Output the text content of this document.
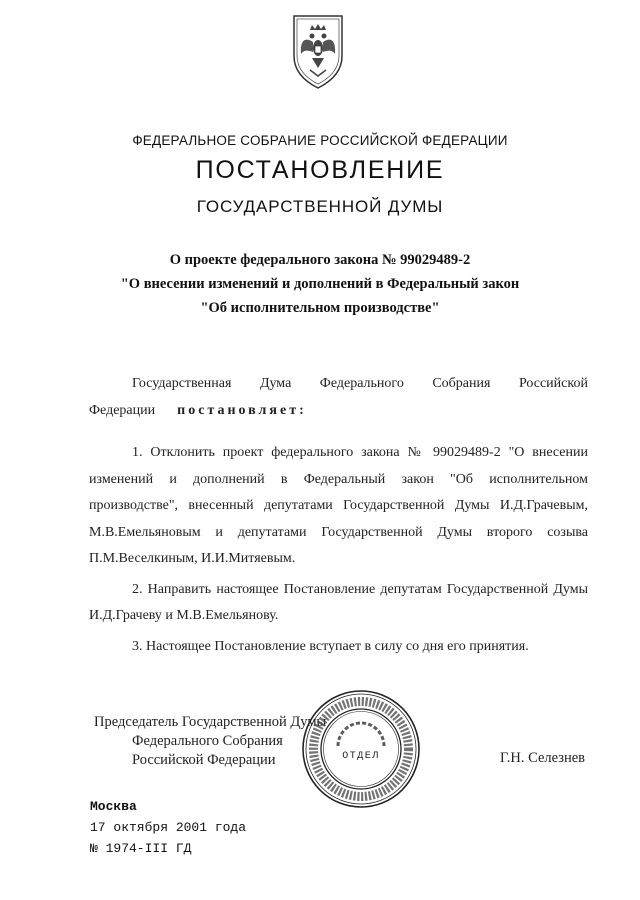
ФЕДЕРАЛЬНОЕ СОБРАНИЕ РОССИЙСКОЙ ФЕДЕРАЦИИ
ПОСТАНОВЛЕНИЕ
ГОСУДАРСТВЕННОЙ ДУМЫ
О проекте федерального закона № 99029489-2
"О внесении изменений и дополнений в Федеральный закон
"Об исполнительном производстве"
Государственная Дума Федерального Собрания Российской
Федерации постановляет:

1. Отклонить проект федерального закона № 99029489-2 "О внесении изменений и дополнений в Федеральный закон "Об исполнительном производстве", внесенный депутатами Государственной Думы И.Д.Грачевым, М.В.Емельяновым и депутатами Государственной Думы второго созыва П.М.Веселкиным, И.И.Митяевым.

2. Направить настоящее Постановление депутатам Государственной Думы И.Д.Грачеву и М.В.Емельянову.

3. Настоящее Постановление вступает в силу со дня его принятия.

Председатель Государственной Думы
Федерального Собрания
Российской Федерации	ОТДЕЛ	Г.Н. Селезнев
Москва
17 октября 2001 года
№ 1974-III ГД
